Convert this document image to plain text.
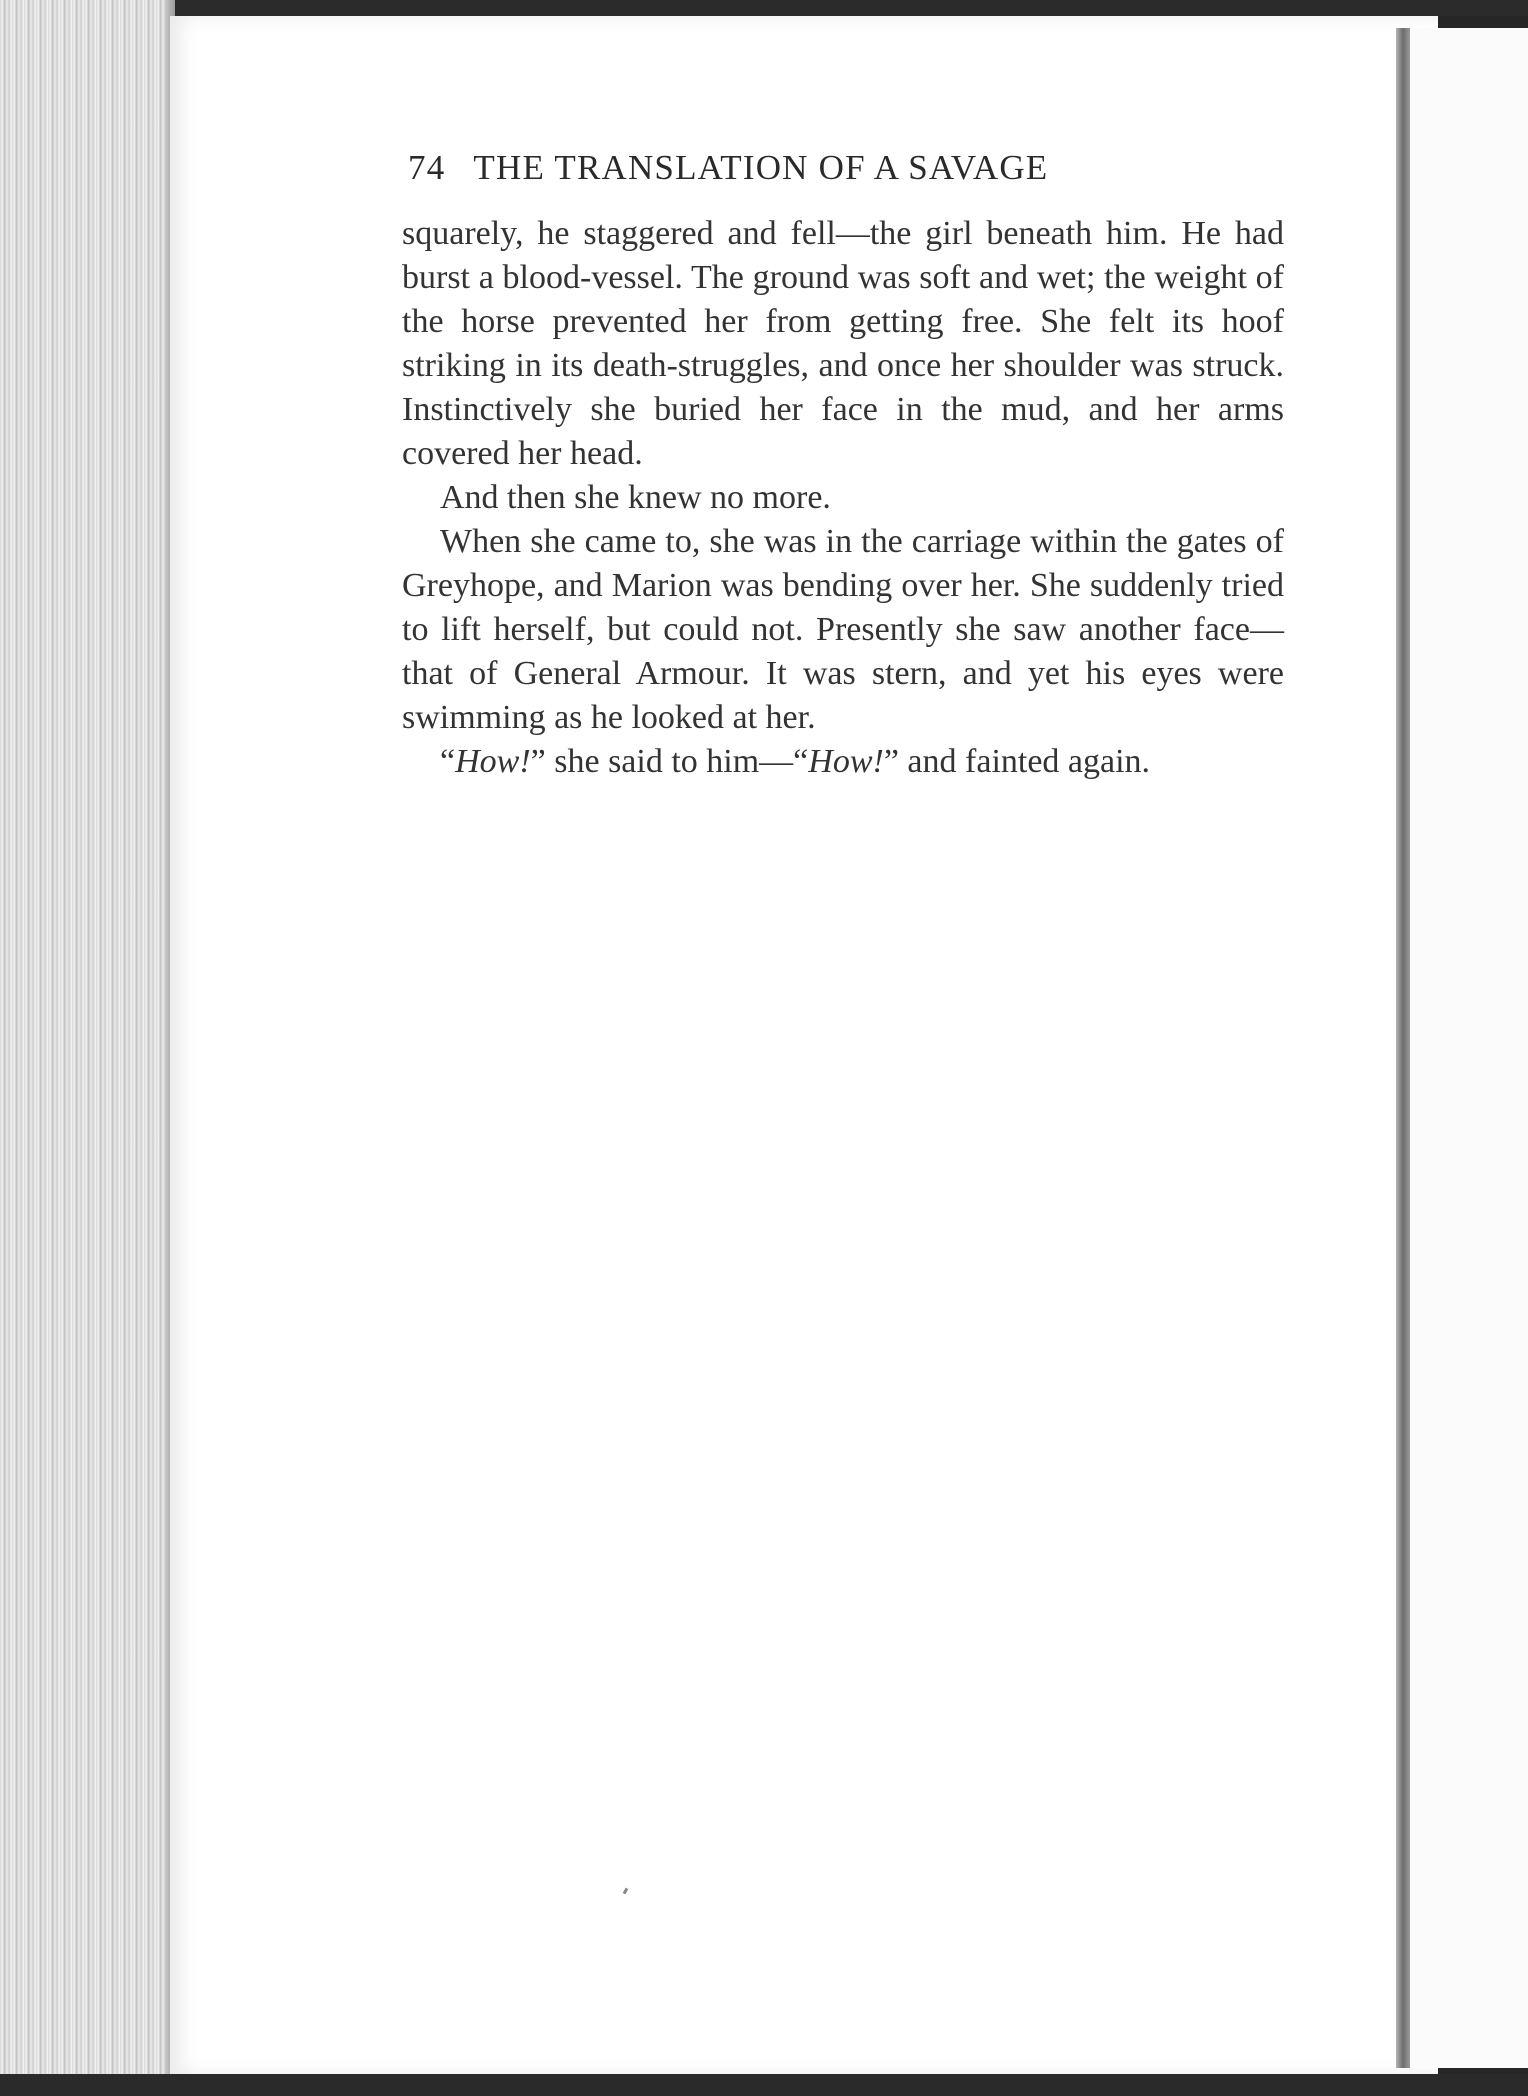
74 THE TRANSLATION OF A SAVAGE

squarely, he staggered and fell—the girl beneath him. He had burst a blood-vessel. The ground was soft and wet; the weight of the horse prevented her from getting free. She felt its hoof striking in its death-struggles, and once her shoulder was struck. Instinctively she buried her face in the mud, and her arms covered her head.

And then she knew no more.

When she came to, she was in the carriage within the gates of Greyhope, and Marion was bending over her. She suddenly tried to lift herself, but could not. Presently she saw another face—that of General Armour. It was stern, and yet his eyes were swimming as he looked at her.

“How!” she said to him—“How!” and fainted again.
